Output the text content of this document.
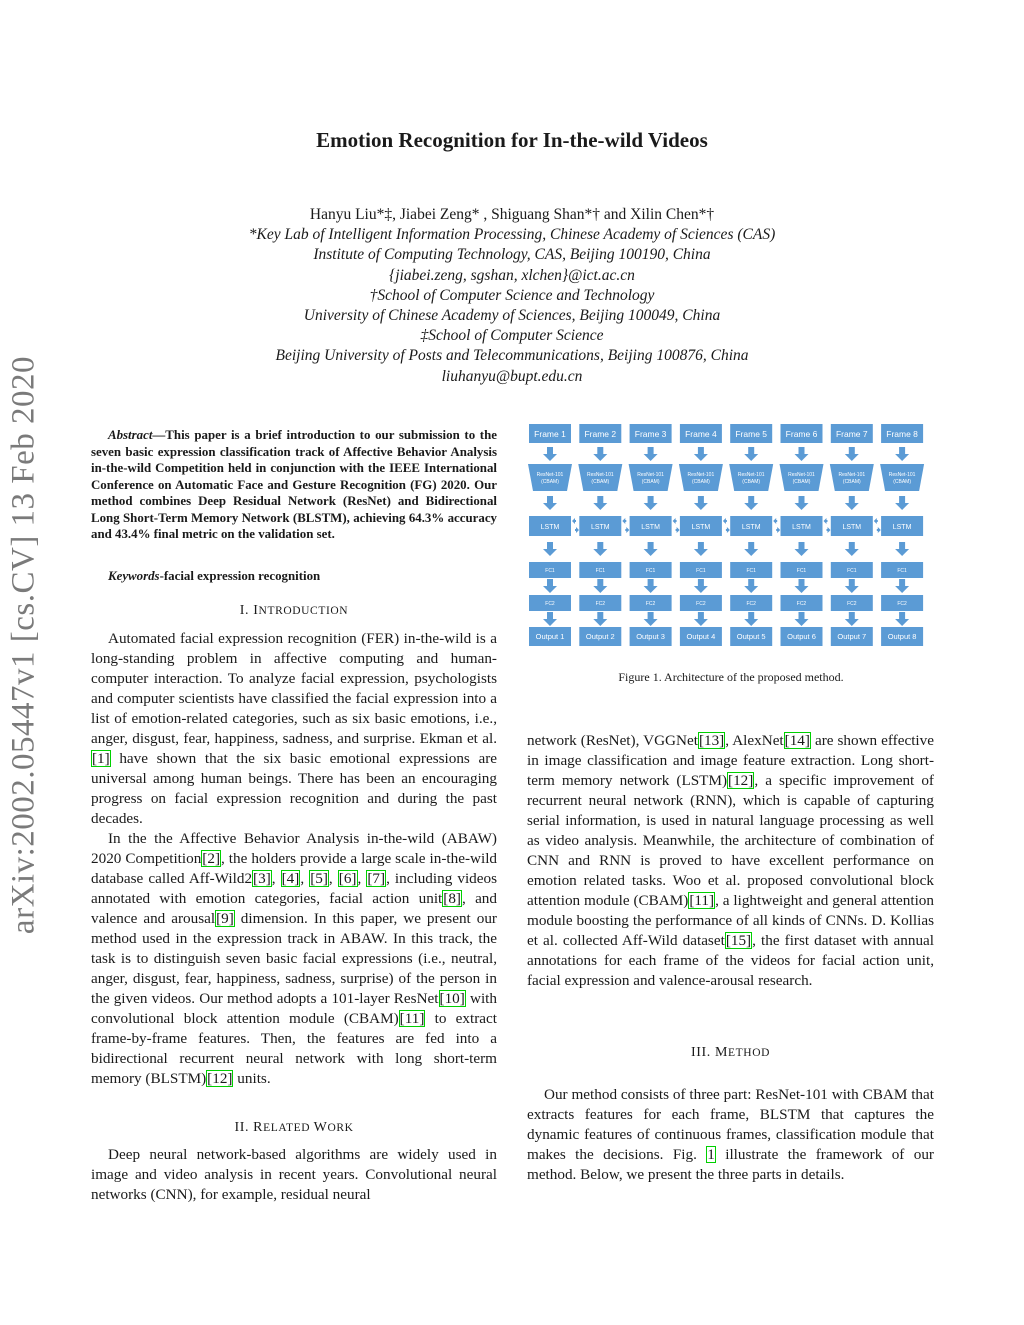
Emotion Recognition for In-the-wild Videos
Hanyu Liu*‡, Jiabei Zeng* , Shiguang Shan*† and Xilin Chen*†
*Key Lab of Intelligent Information Processing, Chinese Academy of Sciences (CAS)
Institute of Computing Technology, CAS, Beijing 100190, China
{jiabei.zeng, sgshan, xlchen}@ict.ac.cn
†School of Computer Science and Technology
University of Chinese Academy of Sciences, Beijing 100049, China
‡School of Computer Science
Beijing University of Posts and Telecommunications, Beijing 100876, China
liuhanyu@bupt.edu.cn
arXiv:2002.05447v1 [cs.CV] 13 Feb 2020	Abstract—This paper is a brief introduction to our submission to the seven basic expression classification track of Affective Behavior Analysis in-the-wild Competition held in conjunction with the IEEE International Conference on Automatic Face and Gesture Recognition (FG) 2020. Our method combines Deep Residual Network (ResNet) and Bidirectional Long Short-Term Memory Network (BLSTM), achieving 64.3% accuracy and 43.4% final metric on the validation set.
Keywords-facial expression recognition
I. INTRODUCTION

Automated facial expression recognition (FER) in-the-wild is a long-standing problem in affective computing and human-computer interaction. To analyze facial expression, psychologists and computer scientists have classified the facial expression into a list of emotion-related categories, such as six basic emotions, i.e., anger, disgust, fear, happiness, sadness, and surprise. Ekman et al.[1] have shown that the six basic emotional expressions are universal among human beings. There has been an encouraging progress on facial expression recognition and during the past decades.

In the the Affective Behavior Analysis in-the-wild (ABAW) 2020 Competition[2], the holders provide a large scale in-the-wild database called Aff-Wild2[3], [4], [5], [6], [7], including videos annotated with emotion categories, facial action unit[8], and valence and arousal[9] dimension. In this paper, we present our method used in the expression track in ABAW. In this track, the task is to distinguish seven basic facial expressions (i.e., neutral, anger, disgust, fear, happiness, sadness, surprise) of the person in the given videos. Our method adopts a 101-layer ResNet[10] with convolutional block attention module (CBAM)[11] to extract frame-by-frame features. Then, the features are fed into a bidirectional recurrent neural network with long short-term memory (BLSTM)[12] units.

II. RELATED WORK

Deep neural network-based algorithms are widely used in image and video analysis in recent years. Convolutional neural networks (CNN), for example, residual neural

Frame 1
ResNet-101
(CBAM)
LSTM
FC1
FC2
Output 1
Frame 2
ResNet-101
(CBAM)
LSTM
FC1
FC2
Output 2
Frame 3
ResNet-101
(CBAM)
LSTM
FC1
FC2
Output 3
Frame 4
ResNet-101
(CBAM)
LSTM
FC1
FC2
Output 4
Frame 5
ResNet-101
(CBAM)
LSTM
FC1
FC2
Output 5
Frame 6
ResNet-101
(CBAM)
LSTM
FC1
FC2
Output 6
Frame 7
ResNet-101
(CBAM)
LSTM
FC1
FC2
Output 7
Frame 8
ResNet-101
(CBAM)
LSTM
FC1
FC2
Output 8
Figure 1. Architecture of the proposed method.

network (ResNet), VGGNet[13], AlexNet[14] are shown effective in image classification and image feature extraction. Long short-term memory network (LSTM)[12], a specific improvement of recurrent neural network (RNN), which is capable of capturing serial information, is used in natural language processing as well as video analysis. Meanwhile, the architecture of combination of CNN and RNN is proved to have excellent performance on emotion related tasks. Woo et al. proposed convolutional block attention module (CBAM)[11], a lightweight and general attention module boosting the performance of all kinds of CNNs. D. Kollias et al. collected Aff-Wild dataset[15], the first dataset with annual annotations for each frame of the videos for facial action unit, facial expression and valence-arousal research.

III. METHOD

Our method consists of three part: ResNet-101 with CBAM that extracts features for each frame, BLSTM that captures the dynamic features of continuous frames, classification module that makes the decisions. Fig. 1 illustrate the framework of our method. Below, we present the three parts in details.
